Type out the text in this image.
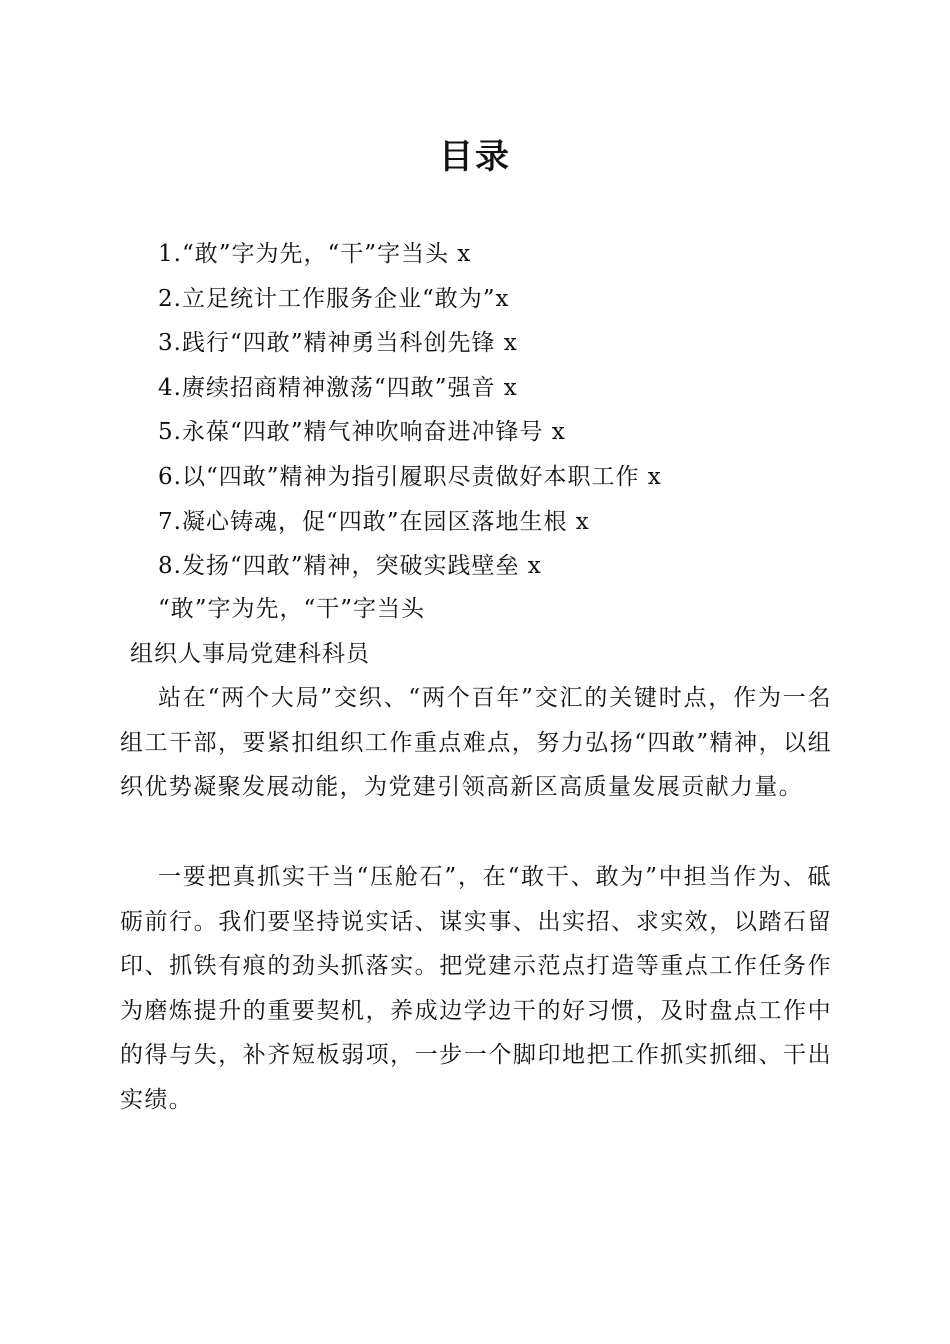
目录
1.“敢”字为先，“干”字当头 x
2.立足统计工作服务企业“敢为”x
3.践行“四敢”精神勇当科创先锋 x
4.赓续招商精神激荡“四敢”强音 x
5.永葆“四敢”精气神吹响奋进冲锋号 x
6.以“四敢”精神为指引履职尽责做好本职工作 x
7.凝心铸魂，促“四敢”在园区落地生根 x
8.发扬“四敢”精神，突破实践壁垒 x
“敢”字为先，“干”字当头
组织人事局党建科科员

站在“两个大局”交织、“两个百年”交汇的关键时点，作为一名组工干部，要紧扣组织工作重点难点，努力弘扬“四敢”精神，以组织优势凝聚发展动能，为党建引领高新区高质量发展贡献力量。

一要把真抓实干当“压舱石”，在“敢干、敢为”中担当作为、砥砺前行。我们要坚持说实话、谋实事、出实招、求实效，以踏石留印、抓铁有痕的劲头抓落实。把党建示范点打造等重点工作任务作为磨炼提升的重要契机，养成边学边干的好习惯，及时盘点工作中的得与失，补齐短板弱项，一步一个脚印地把工作抓实抓细、干出实绩。
